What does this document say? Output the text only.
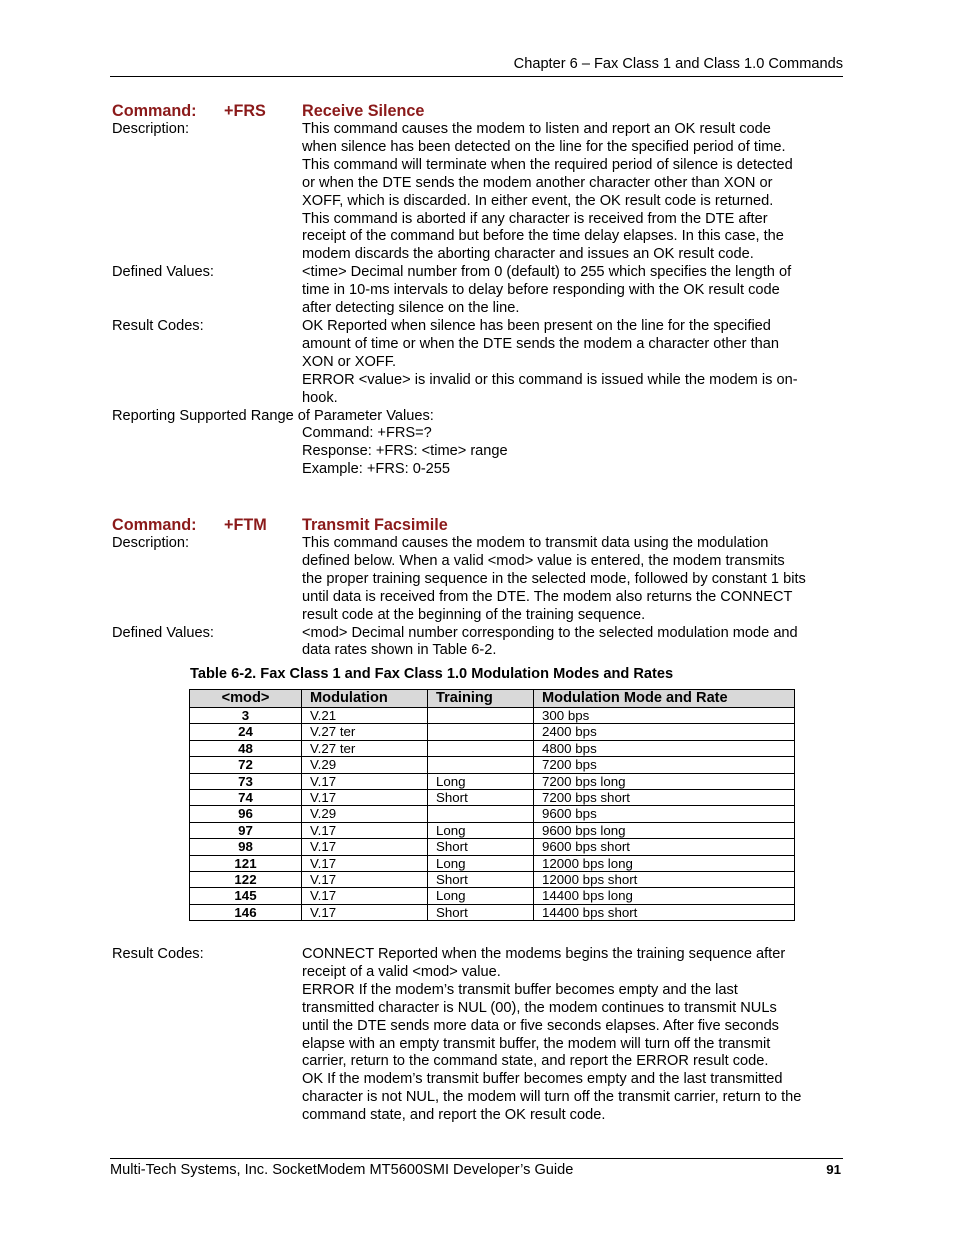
Chapter 6 – Fax Class 1 and Class 1.0 Commands
Command: +FRS Receive Silence
Description:	This command causes the modem to listen and report an OK result code

when silence has been detected on the line for the specified period of time.

This command will terminate when the required period of silence is detected

or when the DTE sends the modem another character other than XON or

XOFF, which is discarded. In either event, the OK result code is returned.

This command is aborted if any character is received from the DTE after

receipt of the command but before the time delay elapses. In this case, the

modem discards the aborting character and issues an OK result code.

Defined Values:	<time> Decimal number from 0 (default) to 255 which specifies the length of

time in 10-ms intervals to delay before responding with the OK result code

after detecting silence on the line.

Result Codes:	OK Reported when silence has been present on the line for the specified

amount of time or when the DTE sends the modem a character other than

XON or XOFF.

ERROR <value> is invalid or this command is issued while the modem is on-

hook.

Reporting Supported Range of Parameter Values:

Command: +FRS=?

Response: +FRS: <time> range

Example: +FRS: 0-255

Command: +FTM Transmit Facsimile
Description:	This command causes the modem to transmit data using the modulation

defined below. When a valid <mod> value is entered, the modem transmits

the proper training sequence in the selected mode, followed by constant 1 bits

until data is received from the DTE. The modem also returns the CONNECT

result code at the beginning of the training sequence.

Defined Values:	<mod> Decimal number corresponding to the selected modulation mode and

data rates shown in Table 6-2.

Table 6-2. Fax Class 1 and Fax Class 1.0 Modulation Modes and Rates
<mod>	Modulation	Training	Modulation Mode and Rate
3	V.21		300 bps
24	V.27 ter		2400 bps
48	V.27 ter		4800 bps
72	V.29		7200 bps
73	V.17	Long	7200 bps long
74	V.17	Short	7200 bps short
96	V.29		9600 bps
97	V.17	Long	9600 bps long
98	V.17	Short	9600 bps short
121	V.17	Long	12000 bps long
122	V.17	Short	12000 bps short
145	V.17	Long	14400 bps long
146	V.17	Short	14400 bps short
Result Codes:	CONNECT Reported when the modems begins the training sequence after

receipt of a valid <mod> value.

ERROR If the modem’s transmit buffer becomes empty and the last

transmitted character is NUL (00), the modem continues to transmit NULs

until the DTE sends more data or five seconds elapses. After five seconds

elapse with an empty transmit buffer, the modem will turn off the transmit

carrier, return to the command state, and report the ERROR result code.

OK If the modem’s transmit buffer becomes empty and the last transmitted

character is not NUL, the modem will turn off the transmit carrier, return to the

command state, and report the OK result code.

Multi-Tech Systems, Inc. SocketModem MT5600SMI Developer’s Guide	91
